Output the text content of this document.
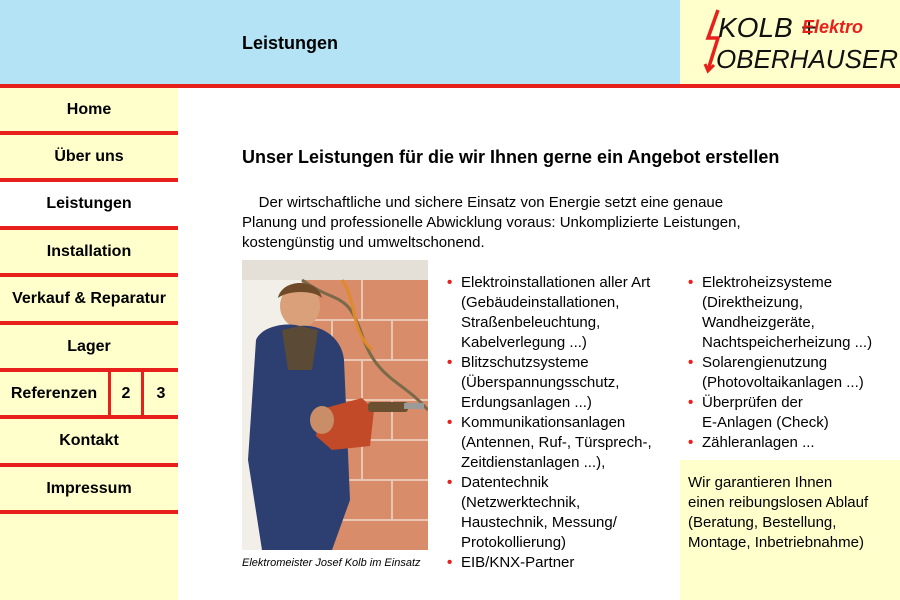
Leistungen	KOLB +
Elektro
OBERHAUSER
Home
Über uns
Leistungen
Installation
Verkauf & Reparatur
Lager
Referenzen	2	3
Kontakt
Impressum
Unser Leistungen für die wir Ihnen gerne ein Angebot erstellen
Der wirtschaftliche und sichere Einsatz von Energie setzt eine genaue
Planung und professionelle Abwicklung voraus: Unkomplizierte Leistungen,
kostengünstig und umweltschonend.
Elektromeister Josef Kolb im Einsatz
• Elektroinstallationen aller Art
(Gebäudeinstallationen,
Straßenbeleuchtung,
Kabelverlegung ...)
• Blitzschutzsysteme
(Überspannungsschutz,
Erdungsanlagen ...)
• Kommunikationsanlagen
(Antennen, Ruf-, Türsprech-,
Zeitdienstanlagen ...),
• Datentechnik
(Netzwerktechnik,
Haustechnik, Messung/
Protokollierung)
• EIB/KNX-Partner
• Elektroheizsysteme
(Direktheizung,
Wandheizgeräte,
Nachtspeicherheizung ...)
• Solarengienutzung
(Photovoltaikanlagen ...)
• Überprüfen der
E-Anlagen (Check)
• Zähleranlagen ...
Wir garantieren Ihnen
einen reibungslosen Ablauf
(Beratung, Bestellung,
Montage, Inbetriebnahme)
